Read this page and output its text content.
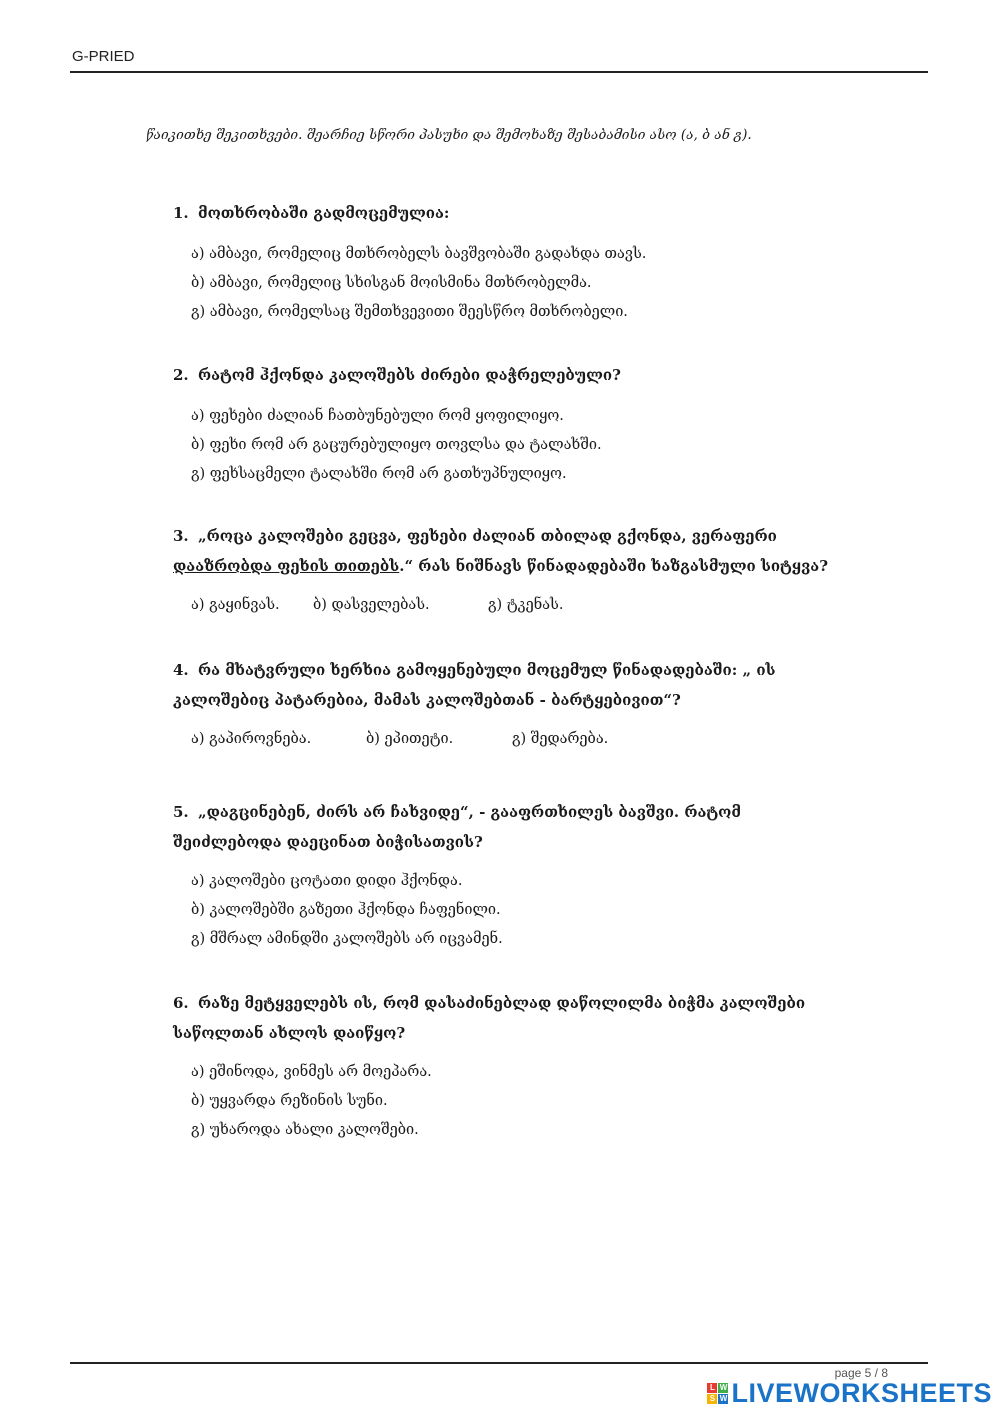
G-PRIED
წაიკითხე შეკითხვები. შეარჩიე სწორი პასუხი და შემოხაზე შესაბამისი ასო (ა, ბ ან გ).

1. მოთხრობაში გადმოცემულია:

ა) ამბავი, რომელიც მთხრობელს ბავშვობაში გადახდა თავს.
ბ) ამბავი, რომელიც სხისგან მოისმინა მთხრობელმა.
გ) ამბავი, რომელსაც შემთხვევითი შეესწრო მთხრობელი.

2. რატომ ჰქონდა კალოშებს ძირები დაჭრელებული?

ა) ფეხები ძალიან ჩათბუნებული რომ ყოფილიყო.
ბ) ფეხი რომ არ გაცურებულიყო თოვლსა და ტალახში.
გ) ფეხსაცმელი ტალახში რომ არ გათხუპნულიყო.

3. „როცა კალოშები გეცვა, ფეხები ძალიან თბილად გქონდა, ვერაფერი

დააზრობდა ფეხის თითებს.“ რას ნიშნავს წინადადებაში ხაზგასმული სიტყვა?

ა) გაყინვას. ბ) დასველებას.	გ) ტკენას.

4. რა მხატვრული ხერხია გამოყენებული მოცემულ წინადადებაში: „ ის

კალოშებიც პატარებია, მამას კალოშებთან - ბარტყებივით“?

ა) გაპიროვნება.	ბ) ეპითეტი.	გ) შედარება.

5. „დაგცინებენ, ძირს არ ჩახვიდე“, - გააფრთხილეს ბავშვი. რატომ

შეიძლებოდა დაეცინათ ბიჭისათვის?

ა) კალოშები ცოტათი დიდი ჰქონდა.
ბ) კალოშებში გაზეთი ჰქონდა ჩაფენილი.
გ) მშრალ ამინდში კალოშებს არ იცვამენ.

6. რაზე მეტყველებს ის, რომ დასაძინებლად დაწოლილმა ბიჭმა კალოშები

საწოლთან ახლოს დაიწყო?

ა) ეშინოდა, ვინმეს არ მოეპარა.
ბ) უყვარდა რეზინის სუნი.
გ) უხაროდა ახალი კალოშები.
page 5 / 8
L W
S W LIVEWORKSHEETS
